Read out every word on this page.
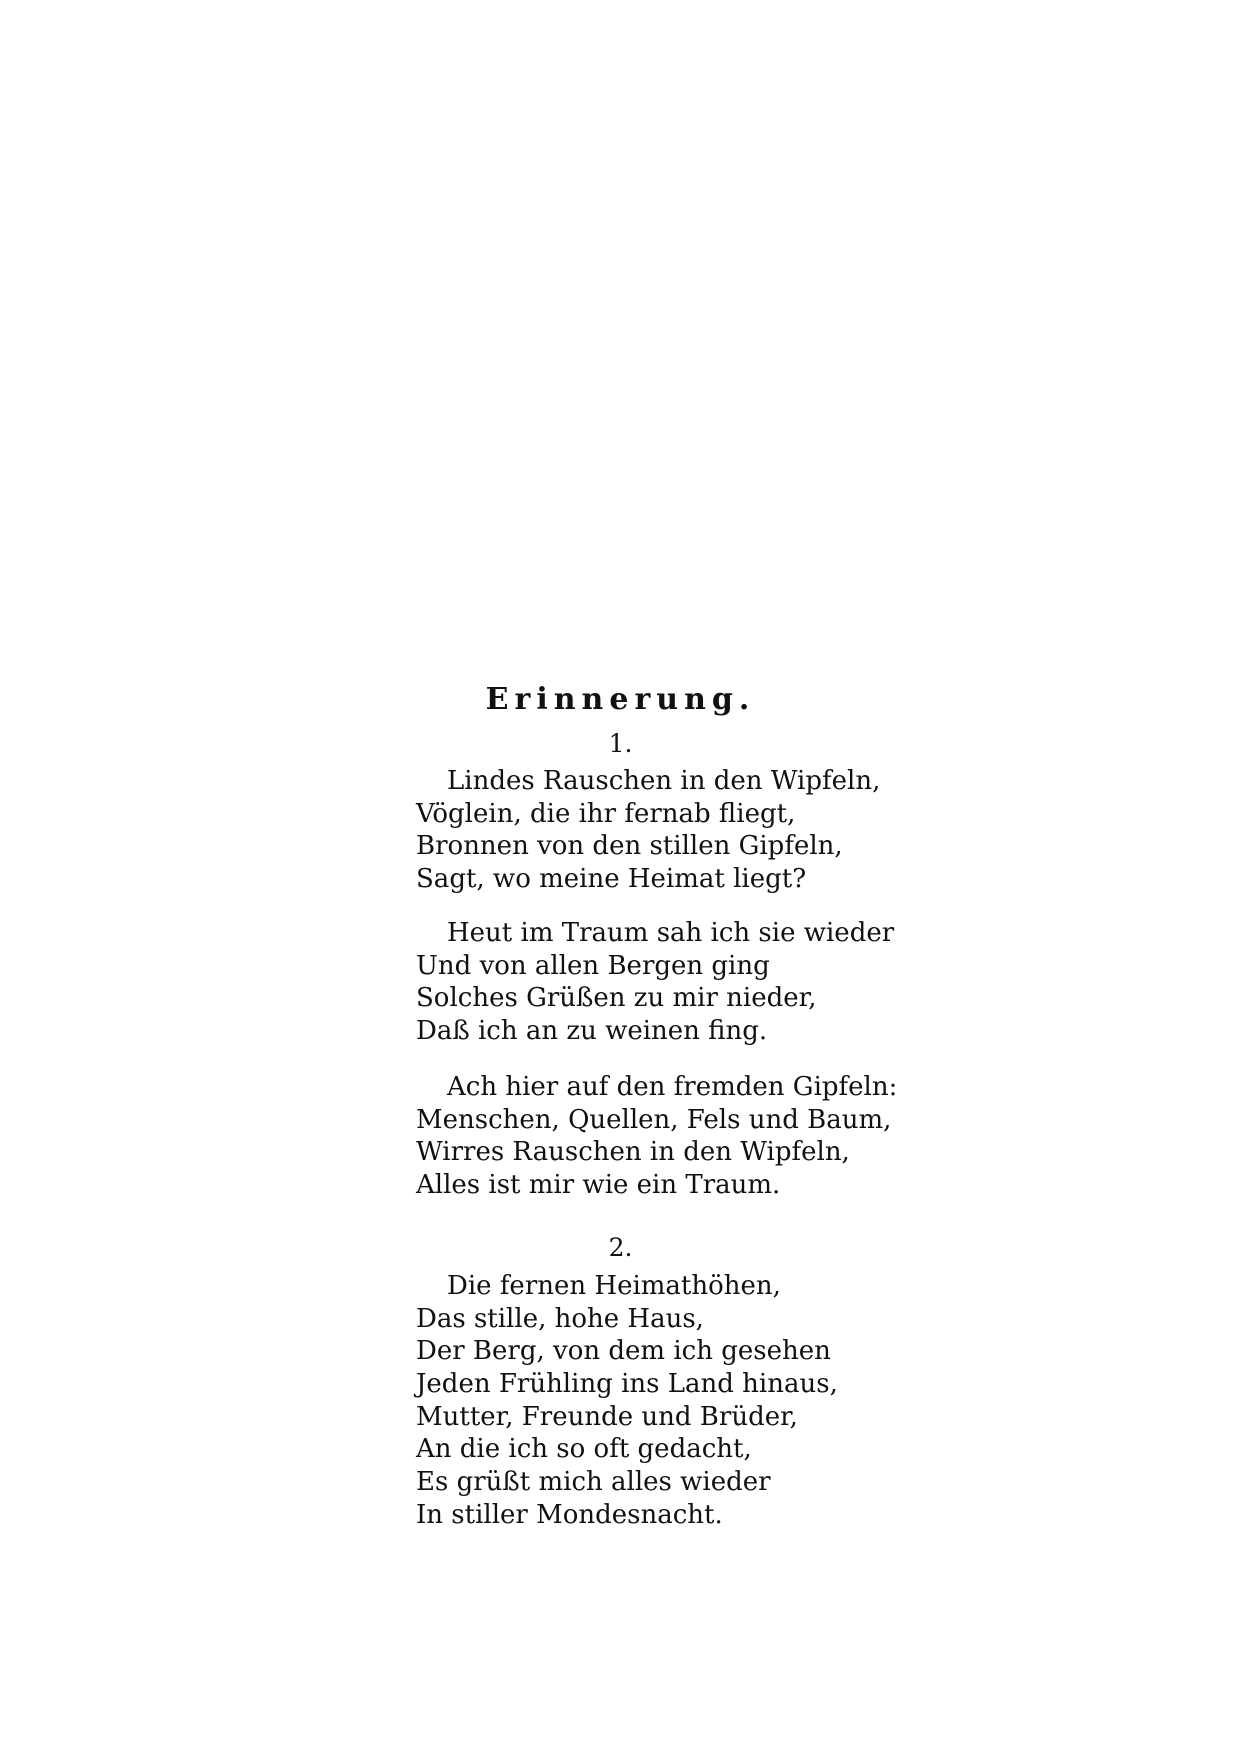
Erinnerung.

1.

Lindes Rauschen in den Wipfeln,
Vöglein, die ihr fernab fliegt,
Bronnen von den stillen Gipfeln,
Sagt, wo meine Heimat liegt?
Heut im Traum sah ich sie wieder
Und von allen Bergen ging
Solches Grüßen zu mir nieder,
Daß ich an zu weinen fing.
Ach hier auf den fremden Gipfeln:
Menschen, Quellen, Fels und Baum,
Wirres Rauschen in den Wipfeln,
Alles ist mir wie ein Traum.

2.

Die fernen Heimathöhen,
Das stille, hohe Haus,
Der Berg, von dem ich gesehen
Jeden Frühling ins Land hinaus,
Mutter, Freunde und Brüder,
An die ich so oft gedacht,
Es grüßt mich alles wieder
In stiller Mondesnacht.
